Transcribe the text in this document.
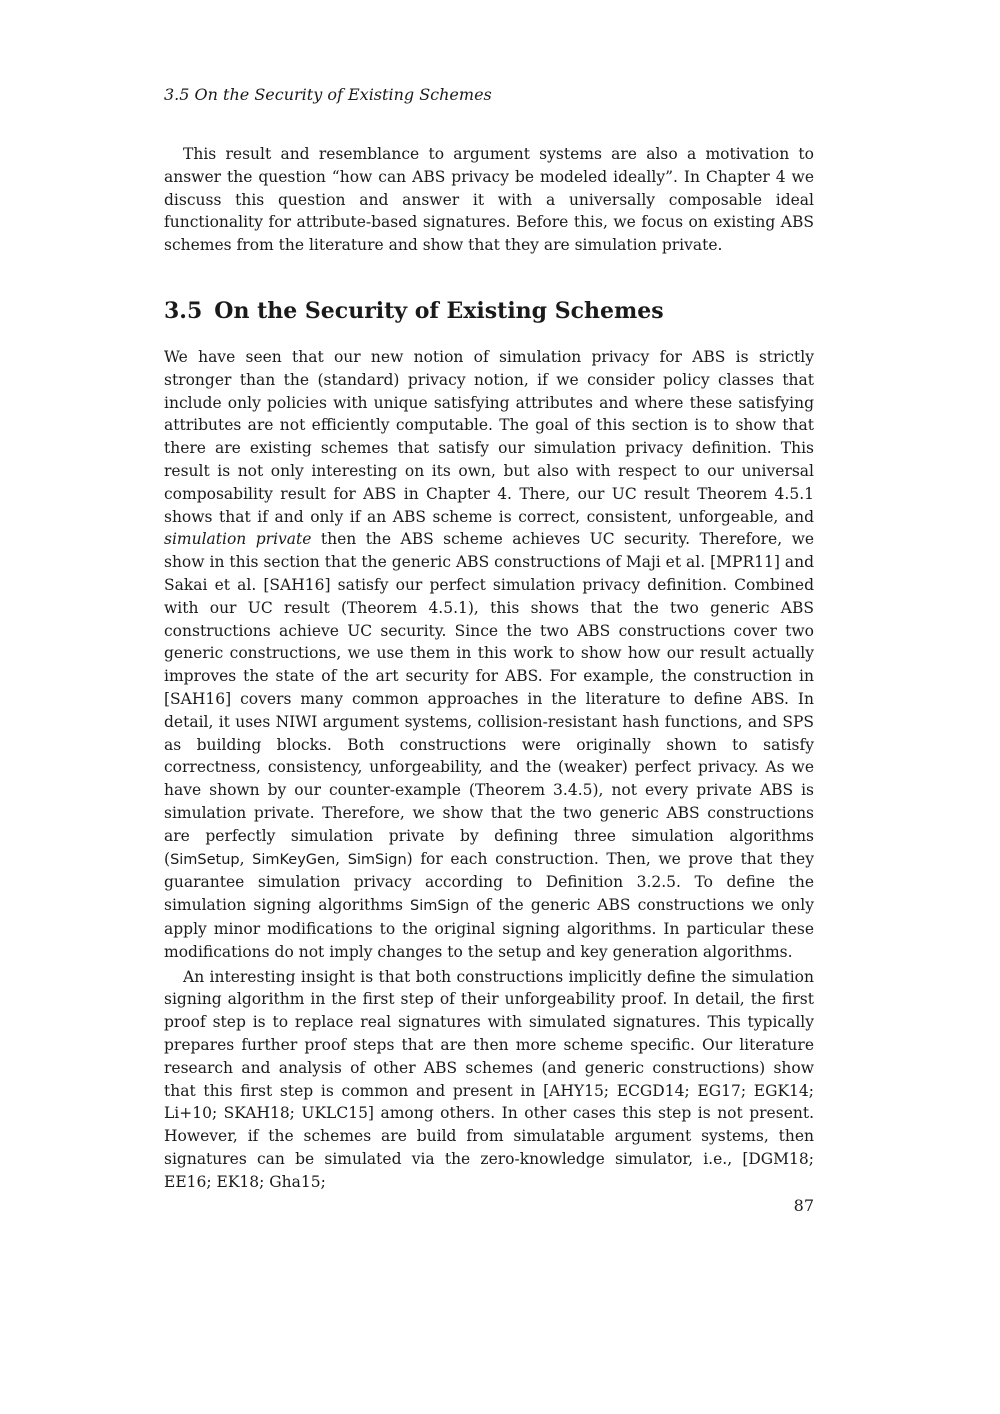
3.5 On the Security of Existing Schemes

This result and resemblance to argument systems are also a motivation to answer the question “how can ABS privacy be modeled ideally”. In Chapter 4 we discuss this question and answer it with a universally composable ideal functionality for attribute-based signatures. Before this, we focus on existing ABS schemes from the literature and show that they are simulation private.

3.5 On the Security of Existing Schemes

We have seen that our new notion of simulation privacy for ABS is strictly stronger than the (standard) privacy notion, if we consider policy classes that include only policies with unique satisfying attributes and where these satisfying attributes are not efficiently computable. The goal of this section is to show that there are existing schemes that satisfy our simulation privacy definition. This result is not only interesting on its own, but also with respect to our universal composability result for ABS in Chapter 4. There, our UC result Theorem 4.5.1 shows that if and only if an ABS scheme is correct, consistent, unforgeable, and simulation private then the ABS scheme achieves UC security. Therefore, we show in this section that the generic ABS constructions of Maji et al. [MPR11] and Sakai et al. [SAH16] satisfy our perfect simulation privacy definition. Combined with our UC result (Theorem 4.5.1), this shows that the two generic ABS constructions achieve UC security. Since the two ABS constructions cover two generic constructions, we use them in this work to show how our result actually improves the state of the art security for ABS. For example, the construction in [SAH16] covers many common approaches in the literature to define ABS. In detail, it uses NIWI argument systems, collision-resistant hash functions, and SPS as building blocks. Both constructions were originally shown to satisfy correctness, consistency, unforgeability, and the (weaker) perfect privacy. As we have shown by our counter-example (Theorem 3.4.5), not every private ABS is simulation private. Therefore, we show that the two generic ABS constructions are perfectly simulation private by defining three simulation algorithms (SimSetup, SimKeyGen, SimSign) for each construction. Then, we prove that they guarantee simulation privacy according to Definition 3.2.5. To define the simulation signing algorithms SimSign of the generic ABS constructions we only apply minor modifications to the original signing algorithms. In particular these modifications do not imply changes to the setup and key generation algorithms.

An interesting insight is that both constructions implicitly define the simulation signing algorithm in the first step of their unforgeability proof. In detail, the first proof step is to replace real signatures with simulated signatures. This typically prepares further proof steps that are then more scheme specific. Our literature research and analysis of other ABS schemes (and generic constructions) show that this first step is common and present in [AHY15; ECGD14; EG17; EGK14; Li+10; SKAH18; UKLC15] among others. In other cases this step is not present. However, if the schemes are build from simulatable argument systems, then signatures can be simulated via the zero-knowledge simulator, i.e., [DGM18; EE16; EK18; Gha15;

87
